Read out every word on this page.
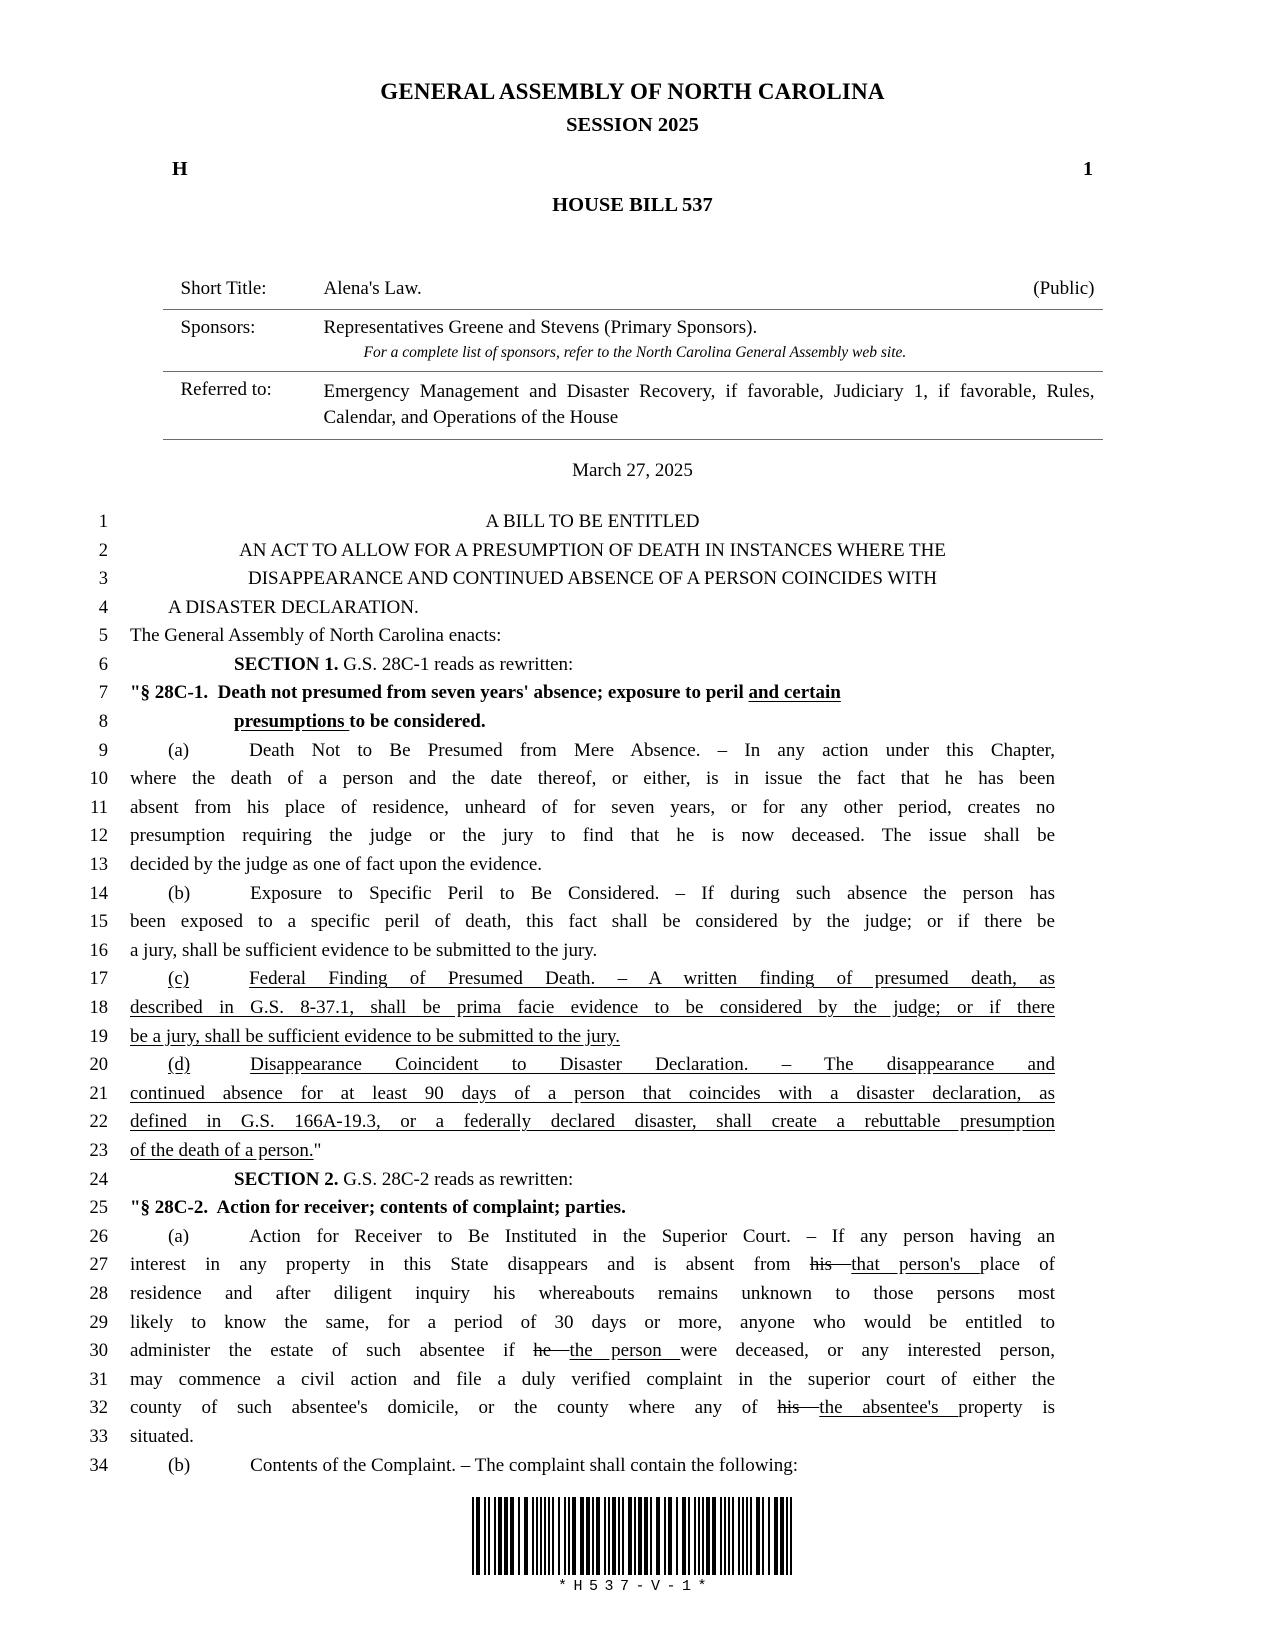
GENERAL ASSEMBLY OF NORTH CAROLINA
SESSION 2025
H	1
HOUSE BILL 537
Short Title:	Alena's Law. (Public)

Sponsors:	Representatives Greene and Stevens (Primary Sponsors).
For a complete list of sponsors, refer to the North Carolina General Assembly web site.

Referred to:	Emergency Management and Disaster Recovery, if favorable, Judiciary 1, if favorable, Rules, Calendar, and Operations of the House
March 27, 2025
1	A BILL TO BE ENTITLED
2	AN ACT TO ALLOW FOR A PRESUMPTION OF DEATH IN INSTANCES WHERE THE
3	DISAPPEARANCE AND CONTINUED ABSENCE OF A PERSON COINCIDES WITH
4	A DISASTER DECLARATION.
5	The General Assembly of North Carolina enacts:
6	SECTION 1. G.S. 28C-1 reads as rewritten:
7	"§ 28C-1.  Death not presumed from seven years' absence; exposure to peril and certain
8	presumptions to be considered.
9	(a)	Death Not to Be Presumed from Mere Absence. – In any action under this Chapter,
10	where the death of a person and the date thereof, or either, is in issue the fact that he has been
11	absent from his place of residence, unheard of for seven years, or for any other period, creates no
12	presumption requiring the judge or the jury to find that he is now deceased. The issue shall be
13	decided by the judge as one of fact upon the evidence.
14	(b)	Exposure to Specific Peril to Be Considered. – If during such absence the person has
15	been exposed to a specific peril of death, this fact shall be considered by the judge; or if there be
16	a jury, shall be sufficient evidence to be submitted to the jury.
17	(c)	Federal Finding of Presumed Death. – A written finding of presumed death, as
18	described in G.S. 8-37.1, shall be prima facie evidence to be considered by the judge; or if there
19	be a jury, shall be sufficient evidence to be submitted to the jury.
20	(d)	Disappearance Coincident to Disaster Declaration. – The disappearance and
21	continued absence for at least 90 days of a person that coincides with a disaster declaration, as
22	defined in G.S. 166A-19.3, or a federally declared disaster, shall create a rebuttable presumption
23	of the death of a person."
24	SECTION 2. G.S. 28C-2 reads as rewritten:
25	"§ 28C-2.  Action for receiver; contents of complaint; parties.
26	(a)	Action for Receiver to Be Instituted in the Superior Court. – If any person having an
27	interest in any property in this State disappears and is absent from his that person's place of
28	residence and after diligent inquiry his whereabouts remains unknown to those persons most
29	likely to know the same, for a period of 30 days or more, anyone who would be entitled to
30	administer the estate of such absentee if he the person were deceased, or any interested person,
31	may commence a civil action and file a duly verified complaint in the superior court of either the
32	county of such absentee's domicile, or the county where any of his the absentee's property is
33	situated.
34	(b)	Contents of the Complaint. – The complaint shall contain the following:
*H537-V-1*
